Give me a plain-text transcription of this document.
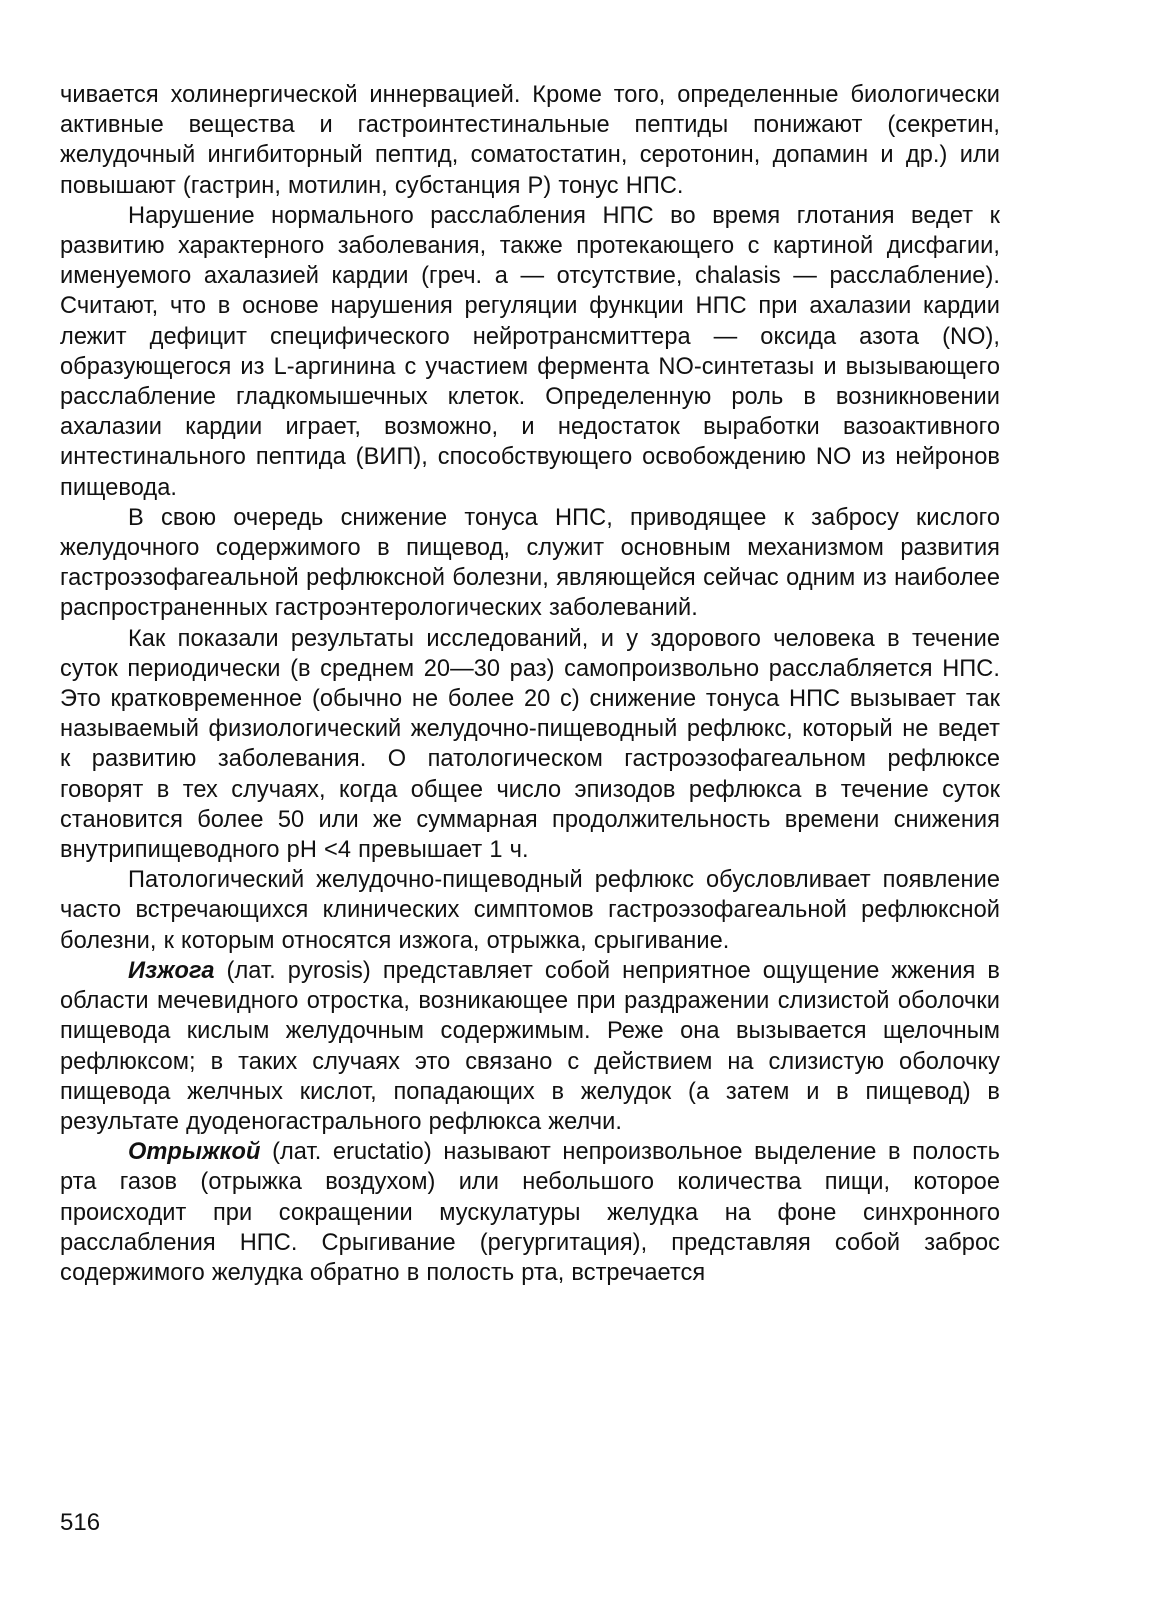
чивается холинергической иннервацией. Кроме того, определенные биологически активные вещества и гастроинтестинальные пептиды понижают (секретин, желудочный ингибиторный пептид, соматостатин, серотонин, допамин и др.) или повышают (гастрин, мотилин, субстанция Р) тонус НПС.

Нарушение нормального расслабления НПС во время глотания ведет к развитию характерного заболевания, также протекающего с картиной дисфагии, именуемого ахалазией кардии (греч. а — отсутствие, chalasis — расслабление). Считают, что в основе нарушения регуляции функции НПС при ахалазии кардии лежит дефицит специфического нейротрансмиттера — оксида азота (NO), образующегося из L-аргинина с участием фермента NO-синтетазы и вызывающего расслабление гладкомышечных клеток. Определенную роль в возникновении ахалазии кардии играет, возможно, и недостаток выработки вазоактивного интестинального пептида (ВИП), способствующего освобождению NO из нейронов пищевода.

В свою очередь снижение тонуса НПС, приводящее к забросу кислого желудочного содержимого в пищевод, служит основным механизмом развития гастроэзофагеальной рефлюксной болезни, являющейся сейчас одним из наиболее распространенных гастроэнтерологических заболеваний.

Как показали результаты исследований, и у здорового человека в течение суток периодически (в среднем 20—30 раз) самопроизвольно расслабляется НПС. Это кратковременное (обычно не более 20 с) снижение тонуса НПС вызывает так называемый физиологический желудочно-пищеводный рефлюкс, который не ведет к развитию заболевания. О патологическом гастроэзофагеальном рефлюксе говорят в тех случаях, когда общее число эпизодов рефлюкса в течение суток становится более 50 или же суммарная продолжительность времени снижения внутрипищеводного pH <4 превышает 1 ч.

Патологический желудочно-пищеводный рефлюкс обусловливает появление часто встречающихся клинических симптомов гастроэзофагеальной рефлюксной болезни, к которым относятся изжога, отрыжка, срыгивание.

Изжога (лат. pyrosis) представляет собой неприятное ощущение жжения в области мечевидного отростка, возникающее при раздражении слизистой оболочки пищевода кислым желудочным содержимым. Реже она вызывается щелочным рефлюксом; в таких случаях это связано с действием на слизистую оболочку пищевода желчных кислот, попадающих в желудок (а затем и в пищевод) в результате дуоденогастрального рефлюкса желчи.

Отрыжкой (лат. eructatio) называют непроизвольное выделение в полость рта газов (отрыжка воздухом) или небольшого количества пищи, которое происходит при сокращении мускулатуры желудка на фоне синхронного расслабления НПС. Срыгивание (регургитация), представляя собой заброс содержимого желудка обратно в полость рта, встречается

516
